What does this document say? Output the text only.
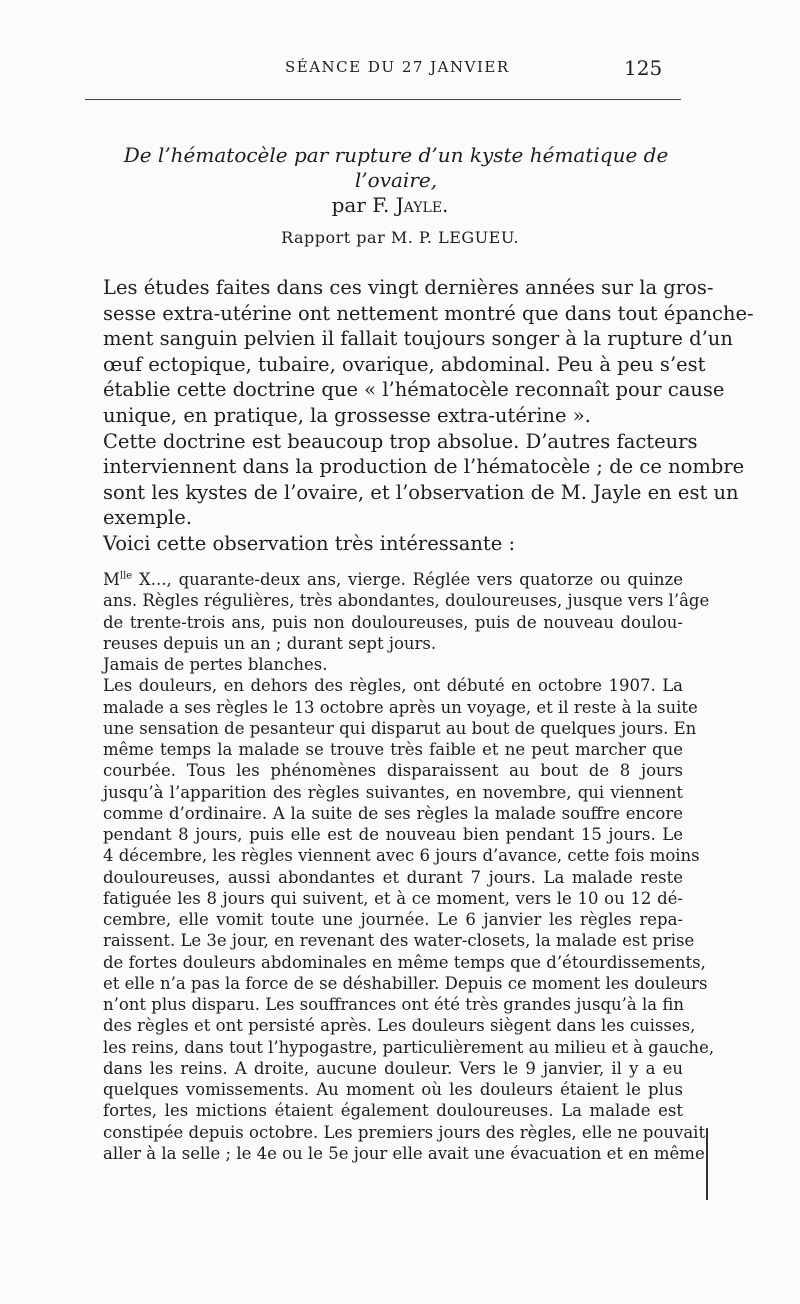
SÉANCE DU 27 JANVIER	125
De l’hématocèle par rupture d’un kyste hématique de l’ovaire,
par F. Jayle.
Rapport par M. P. LEGUEU.
Les études faites dans ces vingt dernières années sur la gros-
sesse extra-utérine ont nettement montré que dans tout épanche-
ment sanguin pelvien il fallait toujours songer à la rupture d’un
œuf ectopique, tubaire, ovarique, abdominal. Peu à peu s’est
établie cette doctrine que « l’hématocèle reconnaît pour cause
unique, en pratique, la grossesse extra-utérine ».
Cette doctrine est beaucoup trop absolue. D’autres facteurs
interviennent dans la production de l’hématocèle ; de ce nombre
sont les kystes de l’ovaire, et l’observation de M. Jayle en est un
exemple.
Voici cette observation très intéressante :
$M^{lle}$ X..., quarante-deux ans, vierge. Réglée vers quatorze ou quinze
ans. Règles régulières, très abondantes, douloureuses, jusque vers l’âge
de trente-trois ans, puis non douloureuses, puis de nouveau doulou-
reuses depuis un an ; durant sept jours.
Jamais de pertes blanches.
Les douleurs, en dehors des règles, ont débuté en octobre 1907. La
malade a ses règles le 13 octobre après un voyage, et il reste à la suite
une sensation de pesanteur qui disparut au bout de quelques jours. En
même temps la malade se trouve très faible et ne peut marcher que
courbée. Tous les phénomènes disparaissent au bout de 8 jours
jusqu’à l’apparition des règles suivantes, en novembre, qui viennent
comme d’ordinaire. A la suite de ses règles la malade souffre encore
pendant 8 jours, puis elle est de nouveau bien pendant 15 jours. Le
4 décembre, les règles viennent avec 6 jours d’avance, cette fois moins
douloureuses, aussi abondantes et durant 7 jours. La malade reste
fatiguée les 8 jours qui suivent, et à ce moment, vers le 10 ou 12 dé-
cembre, elle vomit toute une journée. Le 6 janvier les règles repa-
raissent. Le 3e jour, en revenant des water-closets, la malade est prise
de fortes douleurs abdominales en même temps que d’étourdissements,
et elle n’a pas la force de se déshabiller. Depuis ce moment les douleurs
n’ont plus disparu. Les souffrances ont été très grandes jusqu’à la fin
des règles et ont persisté après. Les douleurs siègent dans les cuisses,
les reins, dans tout l’hypogastre, particulièrement au milieu et à gauche,
dans les reins. A droite, aucune douleur. Vers le 9 janvier, il y a eu
quelques vomissements. Au moment où les douleurs étaient le plus
fortes, les mictions étaient également douloureuses. La malade est
constipée depuis octobre. Les premiers jours des règles, elle ne pouvait
aller à la selle ; le 4e ou le 5e jour elle avait une évacuation et en même
